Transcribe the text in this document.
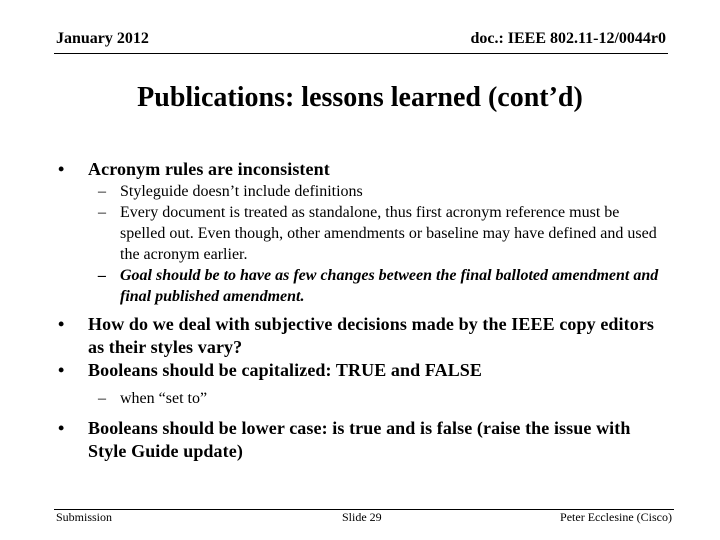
January 2012	doc.: IEEE 802.11-12/0044r0
Publications: lessons learned (cont’d)
• Acronym rules are inconsistent
– Styleguide doesn’t include definitions
– Every document is treated as standalone, thus first acronym reference must be spelled out. Even though, other amendments or baseline may have defined and used the acronym earlier.
– Goal should be to have as few changes between the final balloted amendment and final published amendment.
• How do we deal with subjective decisions made by the IEEE copy editors as their styles vary?
• Booleans should be capitalized: TRUE and FALSE
– when “set to”
• Booleans should be lower case: is true and is false (raise the issue with Style Guide update)
Submission	Slide 29	Peter Ecclesine (Cisco)
